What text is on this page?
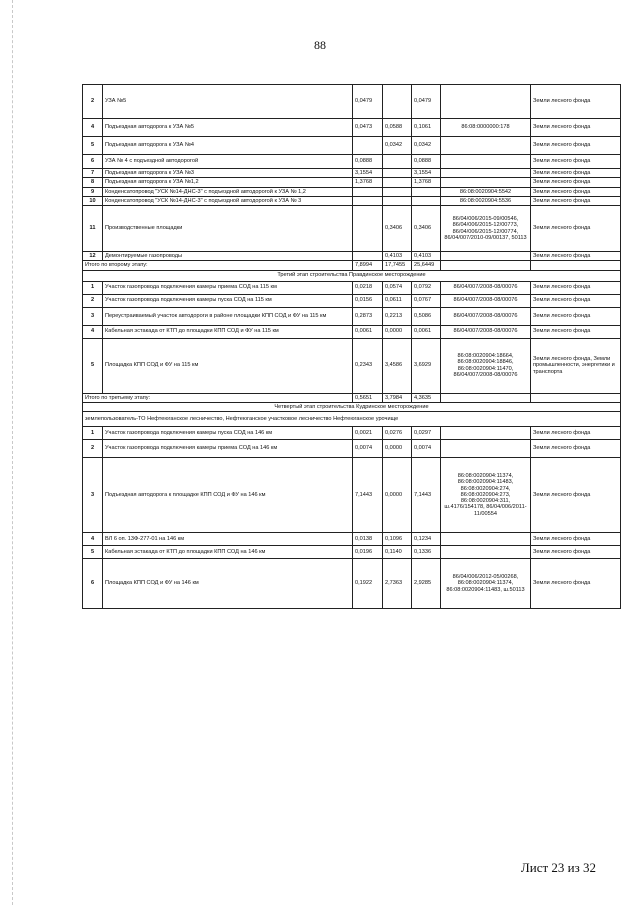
88
2	УЗА №5	0,0479		0,0479		Земли лесного фонда
4	Подъездная автодорога к УЗА №5	0,0473	0,0588	0,1061	86:08:0000000:178	Земли лесного фонда
5	Подъездная автодорога к УЗА №4		0,0342	0,0342		Земли лесного фонда
6	УЗА № 4 с подъездной автодорогой	0,0888		0,0888		Земли лесного фонда
7	Подъездная автодорога к УЗА №3	3,1554		3,1554		Земли лесного фонда
8	Подъездная автодорога к УЗА №1,2	1,3768		1,3768		Земли лесного фонда
9	Конденсатопровод "УСК №14-ДНС-3" с подъездной автодорогой к УЗА № 1,2				86:08:0020904:5542	Земли лесного фонда
10	Конденсатопровод "УСК №14-ДНС-3" с подъездной автодорогой к УЗА № 3				86:08:0020904:5536	Земли лесного фонда
11	Производственные площадки		0,3406	0,3406	86/04/006/2015-09/00546, 86/04/006/2015-12/00773, 86/04/006/2015-12/00774, 86/04/007/2010-09/00137, 50113	Земли лесного фонда
12	Демонтируемые газопроводы		0,4103	0,4103		Земли лесного фонда
Итого по второму этапу:		7,8994	17,7455	25,6449		
Третий этап строительства Правдинское месторождение						
1	Участок газопровода подключения камеры приема СОД на 115 км	0,0218	0,0574	0,0792	86/04/007/2008-08/00076	Земли лесного фонда
2	Участок газопровода подключения камеры пуска СОД на 115 км	0,0156	0,0611	0,0767	86/04/007/2008-08/00076	Земли лесного фонда
3	Переустраиваемый участок автодороги в районе площадки КПП СОД и ФУ на 115 км	0,2873	0,2213	0,5086	86/04/007/2008-08/00076	Земли лесного фонда
4	Кабельная эстакада от КТП до площадки КПП СОД и ФУ на 115 км	0,0061	0,0000	0,0061	86/04/007/2008-08/00076	Земли лесного фонда
5	Площадка КПП СОД и ФУ на 115 км	0,2343	3,4586	3,6929	86:08:0020904:18664, 86:08:0020904:18846, 86:08:0020904:11470, 86/04/007/2008-08/00076	Земли лесного фонда, Земли промышленности, энергетики и транспорта
Итого по третьему этапу:		0,5651	3,7984	4,3635		
Четвертый этап строительства Кудринское месторождение						
землепользователь-ТО Нефтеюганское лесничество, Нефтеюганское участковое лесничество Нефтеюганское урочище						
1	Участок газопровода подключения камеры пуска СОД на 146 км	0,0021	0,0276	0,0297		Земли лесного фонда
2	Участок газопровода подключения камеры приема СОД на 146 км	0,0074	0,0000	0,0074		Земли лесного фонда
3	Подъездная автодорога к площадке КПП СОД и ФУ на 146 км	7,1443	0,0000	7,1443	86:08:0020904:11374, 86:08:0020904:11483, 86:08:0020904:274, 86:08:0020904:273, 86:08:0020904:311, ш.4176/154178, 86/04/006/2011-11/00554	Земли лесного фонда
4	ВЛ 6 оп. 13Ф-277-01 на 146 км	0,0138	0,1096	0,1234		Земли лесного фонда
5	Кабельная эстакада от КТП до площадки КПП СОД на 146 км	0,0196	0,1140	0,1336		Земли лесного фонда
6	Площадка КПП СОД и ФУ на 146 км	0,1922	2,7363	2,9285	86/04/006/2012-05/00268, 86:08:0020904:11374, 86:08:0020904:11483, ш.50113	Земли лесного фонда
Лист 23 из 32
